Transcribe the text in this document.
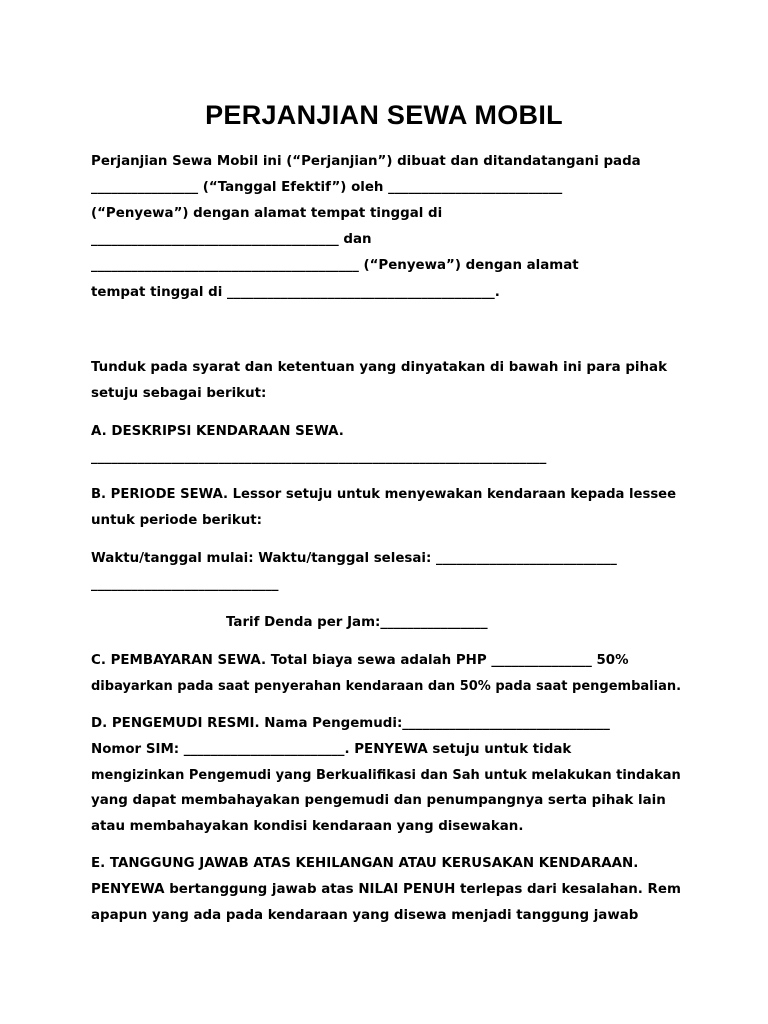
PERJANJIAN SEWA MOBIL
Perjanjian Sewa Mobil ini (“Perjanjian”) dibuat dan ditandatangani pada
________________ (“Tanggal Efektif”) oleh __________________________
(“Penyewa”) dengan alamat tempat tinggal di
_____________________________________ dan
________________________________________ (“Penyewa”) dengan alamat
tempat tinggal di ________________________________________.
Tunduk pada syarat dan ketentuan yang dinyatakan di bawah ini para pihak
setuju sebagai berikut:
A. DESKRIPSI KENDARAAN SEWA.
____________________________________________________________________
B. PERIODE SEWA. Lessor setuju untuk menyewakan kendaraan kepada lessee
untuk periode berikut:
Waktu/tanggal mulai: Waktu/tanggal selesai: ___________________________
____________________________
Tarif Denda per Jam:________________
C. PEMBAYARAN SEWA. Total biaya sewa adalah PHP _______________ 50%
dibayarkan pada saat penyerahan kendaraan dan 50% pada saat pengembalian.
D. PENGEMUDI RESMI. Nama Pengemudi:_______________________________
Nomor SIM: ________________________. PENYEWA setuju untuk tidak
mengizinkan Pengemudi yang Berkualifikasi dan Sah untuk melakukan tindakan
yang dapat membahayakan pengemudi dan penumpangnya serta pihak lain
atau membahayakan kondisi kendaraan yang disewakan.
E. TANGGUNG JAWAB ATAS KEHILANGAN ATAU KERUSAKAN KENDARAAN.
PENYEWA bertanggung jawab atas NILAI PENUH terlepas dari kesalahan. Rem
apapun yang ada pada kendaraan yang disewa menjadi tanggung jawab
